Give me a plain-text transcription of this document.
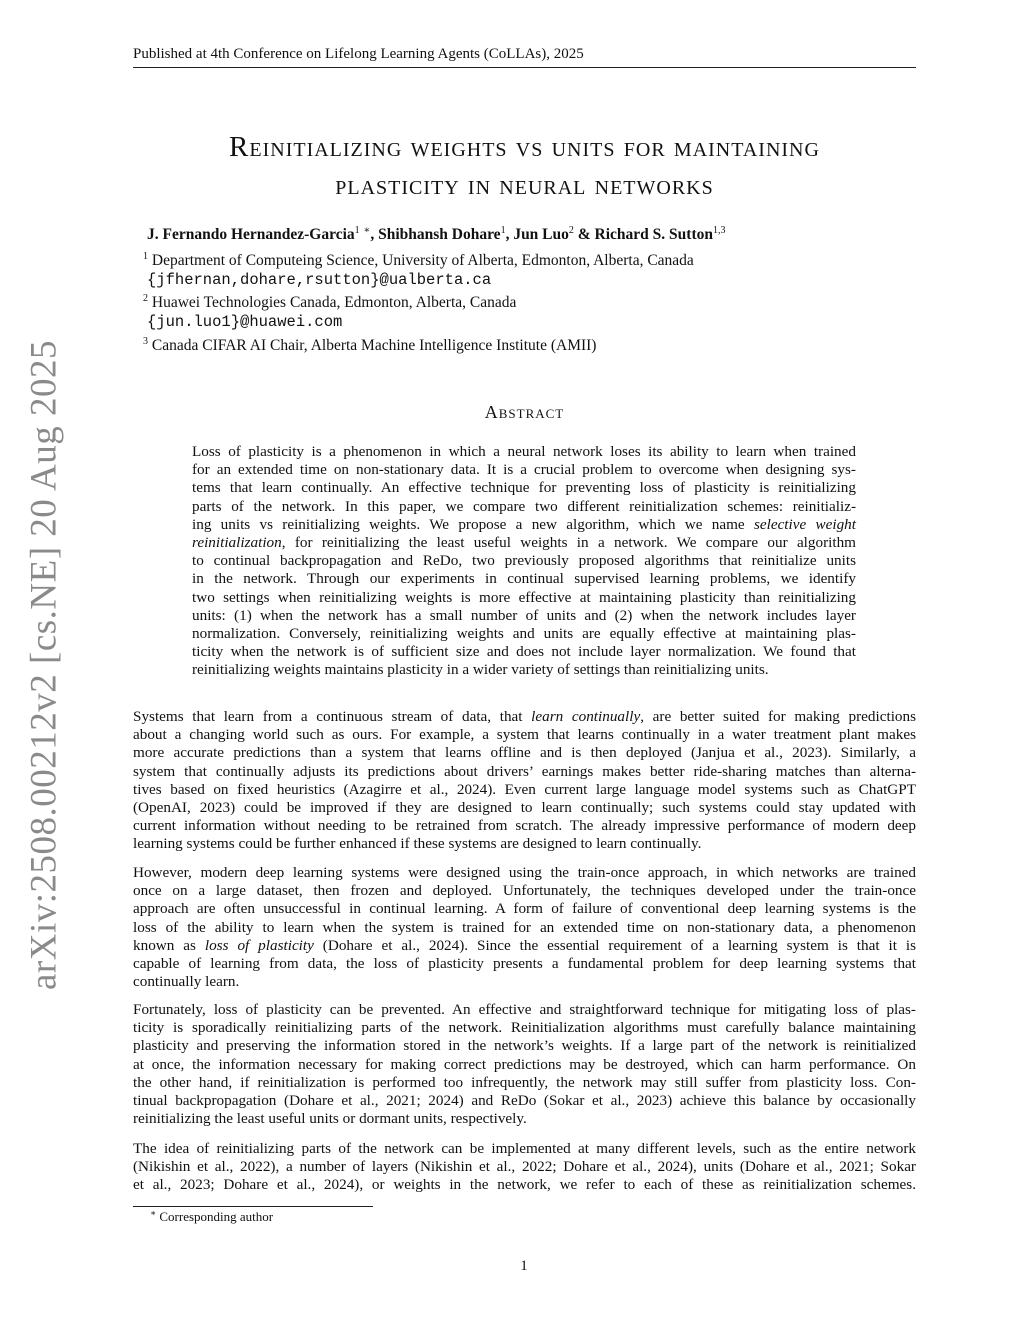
Published at 4th Conference on Lifelong Learning Agents (CoLLAs), 2025
arXiv:2508.00212v2 [cs.NE] 20 Aug 2025
Reinitializing weights vs units for maintaining
plasticity in neural networks
J. Fernando Hernandez-Garcia$^1$ ∗, Shibhansh Dohare$^1$, Jun Luo$^2$ & Richard S. Sutton$^{1,3}$
$^1$ Department of Computeing Science, University of Alberta, Edmonton, Alberta, Canada
{jfhernan,dohare,rsutton}@ualberta.ca
$^2$ Huawei Technologies Canada, Edmonton, Alberta, Canada
{jun.luo1}@huawei.com
$^3$ Canada CIFAR AI Chair, Alberta Machine Intelligence Institute (AMII)
Abstract
Loss of plasticity is a phenomenon in which a neural network loses its ability to learn when trained
for an extended time on non-stationary data. It is a crucial problem to overcome when designing sys-
tems that learn continually. An effective technique for preventing loss of plasticity is reinitializing
parts of the network. In this paper, we compare two different reinitialization schemes: reinitializ-
ing units vs reinitializing weights. We propose a new algorithm, which we name selective weight
reinitialization, for reinitializing the least useful weights in a network. We compare our algorithm
to continual backpropagation and ReDo, two previously proposed algorithms that reinitialize units
in the network. Through our experiments in continual supervised learning problems, we identify
two settings when reinitializing weights is more effective at maintaining plasticity than reinitializing
units: (1) when the network has a small number of units and (2) when the network includes layer
normalization. Conversely, reinitializing weights and units are equally effective at maintaining plas-
ticity when the network is of sufficient size and does not include layer normalization. We found that
reinitializing weights maintains plasticity in a wider variety of settings than reinitializing units.
Systems that learn from a continuous stream of data, that learn continually, are better suited for making predictions
about a changing world such as ours. For example, a system that learns continually in a water treatment plant makes
more accurate predictions than a system that learns offline and is then deployed (Janjua et al., 2023). Similarly, a
system that continually adjusts its predictions about drivers’ earnings makes better ride-sharing matches than alterna-
tives based on fixed heuristics (Azagirre et al., 2024). Even current large language model systems such as ChatGPT
(OpenAI, 2023) could be improved if they are designed to learn continually; such systems could stay updated with
current information without needing to be retrained from scratch. The already impressive performance of modern deep
learning systems could be further enhanced if these systems are designed to learn continually.
However, modern deep learning systems were designed using the train-once approach, in which networks are trained
once on a large dataset, then frozen and deployed. Unfortunately, the techniques developed under the train-once
approach are often unsuccessful in continual learning. A form of failure of conventional deep learning systems is the
loss of the ability to learn when the system is trained for an extended time on non-stationary data, a phenomenon
known as loss of plasticity (Dohare et al., 2024). Since the essential requirement of a learning system is that it is
capable of learning from data, the loss of plasticity presents a fundamental problem for deep learning systems that
continually learn.
Fortunately, loss of plasticity can be prevented. An effective and straightforward technique for mitigating loss of plas-
ticity is sporadically reinitializing parts of the network. Reinitialization algorithms must carefully balance maintaining
plasticity and preserving the information stored in the network’s weights. If a large part of the network is reinitialized
at once, the information necessary for making correct predictions may be destroyed, which can harm performance. On
the other hand, if reinitialization is performed too infrequently, the network may still suffer from plasticity loss. Con-
tinual backpropagation (Dohare et al., 2021; 2024) and ReDo (Sokar et al., 2023) achieve this balance by occasionally
reinitializing the least useful units or dormant units, respectively.
The idea of reinitializing parts of the network can be implemented at many different levels, such as the entire network
(Nikishin et al., 2022), a number of layers (Nikishin et al., 2022; Dohare et al., 2024), units (Dohare et al., 2021; Sokar
et al., 2023; Dohare et al., 2024), or weights in the network, we refer to each of these as reinitialization schemes.
∗ Corresponding author
1
